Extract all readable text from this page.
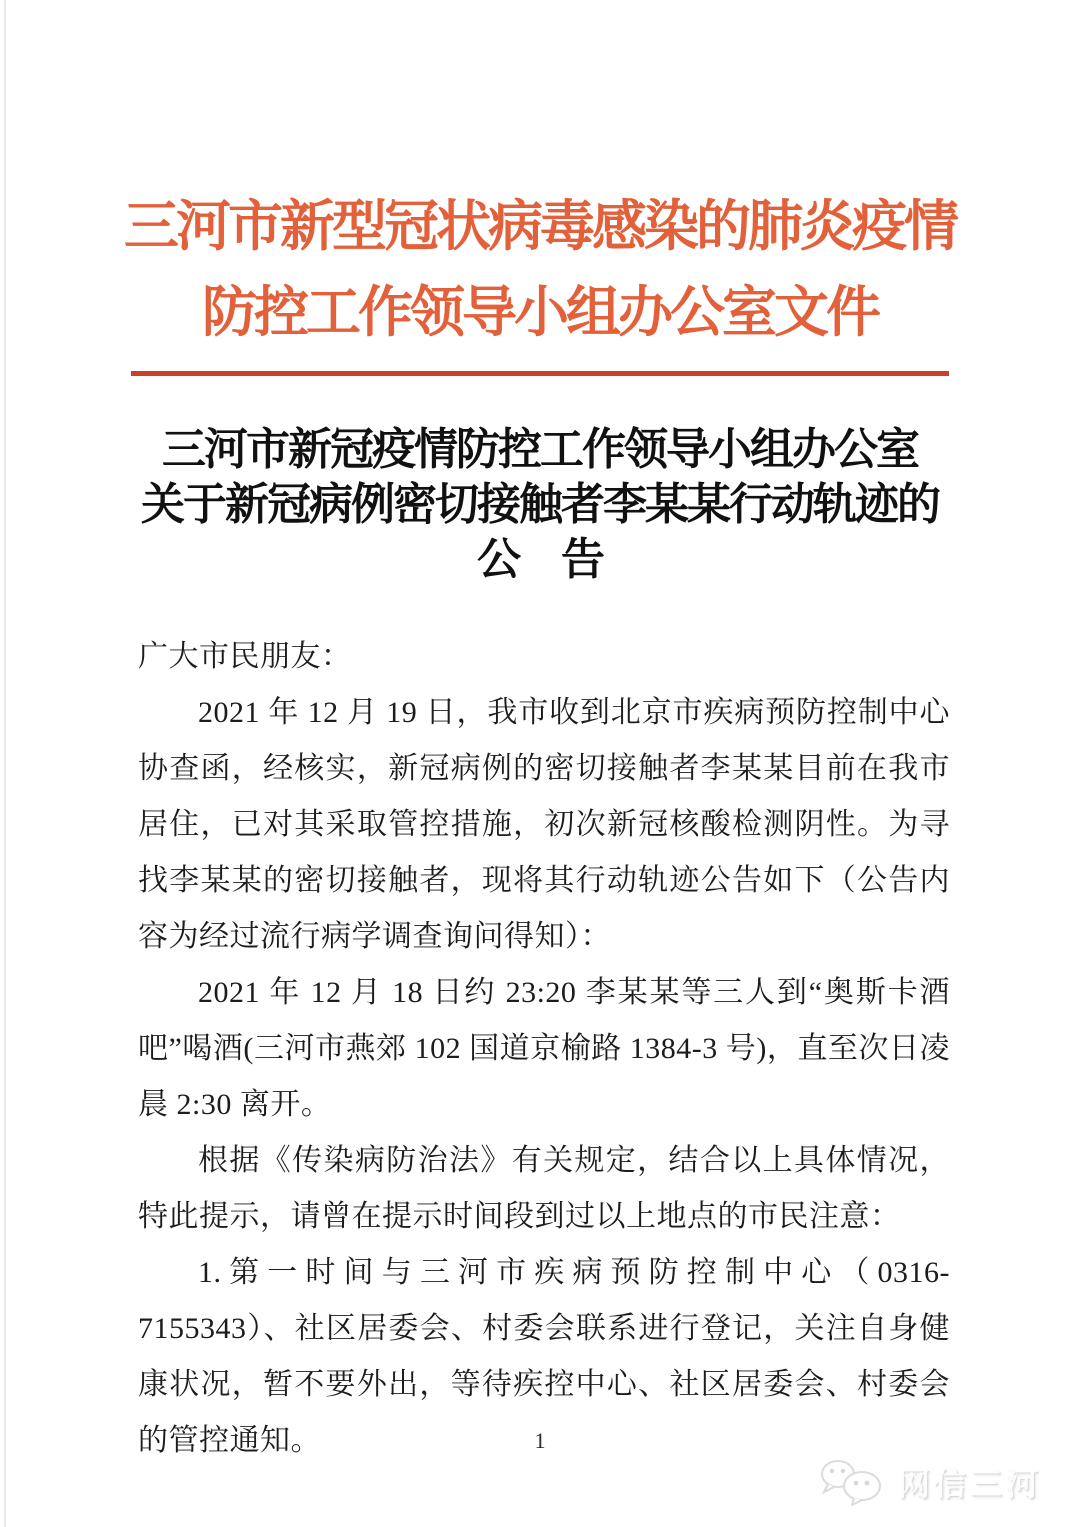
三河市新型冠状病毒感染的肺炎疫情
防控工作领导小组办公室文件
三河市新冠疫情防控工作领导小组办公室
关于新冠病例密切接触者李某某行动轨迹的
公　告

广大市民朋友：

2021 年 12 月 19 日，我市收到北京市疾病预防控制中心协查函，经核实，新冠病例的密切接触者李某某目前在我市居住，已对其采取管控措施，初次新冠核酸检测阴性。为寻找李某某的密切接触者，现将其行动轨迹公告如下（公告内容为经过流行病学调查询问得知）：

2021 年 12 月 18 日约 23:20 李某某等三人到“奥斯卡酒吧”喝酒(三河市燕郊 102 国道京榆路 1384-3 号)，直至次日凌晨 2:30 离开。

根据《传染病防治法》有关规定，结合以上具体情况，特此提示，请曾在提示时间段到过以上地点的市民注意：

1.第一时间与三河市疾病预防控制中心（0316-7155343）、社区居委会、村委会联系进行登记，关注自身健康状况，暂不要外出，等待疾控中心、社区居委会、村委会的管控通知。	1
网信三河
